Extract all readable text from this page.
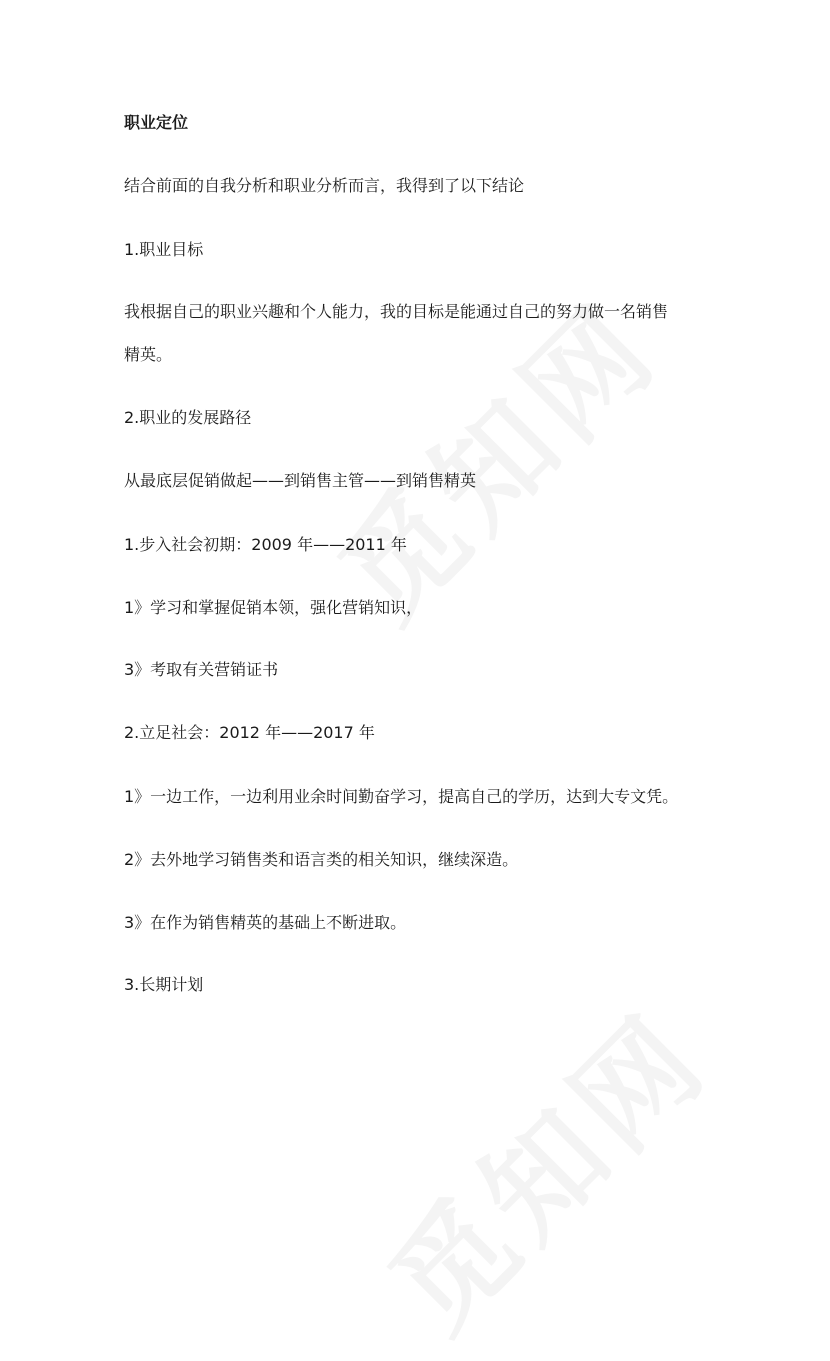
职业定位
结合前面的自我分析和职业分析而言，我得到了以下结论
1.职业目标
我根据自己的职业兴趣和个人能力，我的目标是能通过自己的努力做一名销售
精英。
2.职业的发展路径
从最底层促销做起——到销售主管——到销售精英
1.步入社会初期：2009 年——2011 年
1》学习和掌握促销本领，强化营销知识，
3》考取有关营销证书
2.立足社会：2012 年——2017 年
1》一边工作，一边利用业余时间勤奋学习，提高自己的学历，达到大专文凭。
2》去外地学习销售类和语言类的相关知识，继续深造。
3》在作为销售精英的基础上不断进取。
3.长期计划
